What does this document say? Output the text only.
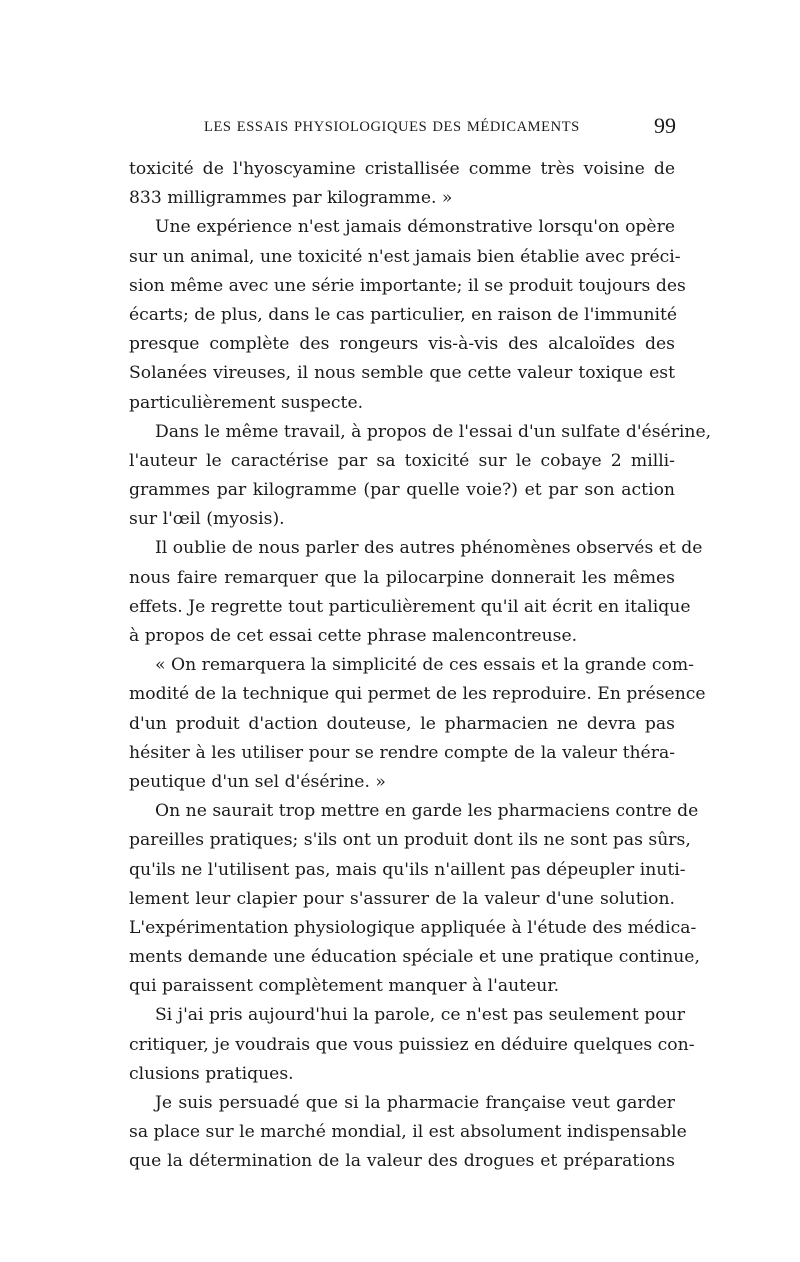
LES ESSAIS PHYSIOLOGIQUES DES MÉDICAMENTS	99
toxicité de l'hyoscyamine cristallisée comme très voisine de
833 milligrammes par kilogramme. »
Une expérience n'est jamais démonstrative lorsqu'on opère
sur un animal, une toxicité n'est jamais bien établie avec préci-
sion même avec une série importante; il se produit toujours des
écarts; de plus, dans le cas particulier, en raison de l'immunité
presque complète des rongeurs vis-à-vis des alcaloïdes des
Solanées vireuses, il nous semble que cette valeur toxique est
particulièrement suspecte.
Dans le même travail, à propos de l'essai d'un sulfate d'ésérine,
l'auteur le caractérise par sa toxicité sur le cobaye 2 milli-
grammes par kilogramme (par quelle voie?) et par son action
sur l'œil (myosis).
Il oublie de nous parler des autres phénomènes observés et de
nous faire remarquer que la pilocarpine donnerait les mêmes
effets. Je regrette tout particulièrement qu'il ait écrit en italique
à propos de cet essai cette phrase malencontreuse.
« On remarquera la simplicité de ces essais et la grande com-
modité de la technique qui permet de les reproduire. En présence
d'un produit d'action douteuse, le pharmacien ne devra pas
hésiter à les utiliser pour se rendre compte de la valeur théra-
peutique d'un sel d'ésérine. »
On ne saurait trop mettre en garde les pharmaciens contre de
pareilles pratiques; s'ils ont un produit dont ils ne sont pas sûrs,
qu'ils ne l'utilisent pas, mais qu'ils n'aillent pas dépeupler inuti-
lement leur clapier pour s'assurer de la valeur d'une solution.
L'expérimentation physiologique appliquée à l'étude des médica-
ments demande une éducation spéciale et une pratique continue,
qui paraissent complètement manquer à l'auteur.
Si j'ai pris aujourd'hui la parole, ce n'est pas seulement pour
critiquer, je voudrais que vous puissiez en déduire quelques con-
clusions pratiques.
Je suis persuadé que si la pharmacie française veut garder
sa place sur le marché mondial, il est absolument indispensable
que la détermination de la valeur des drogues et préparations
